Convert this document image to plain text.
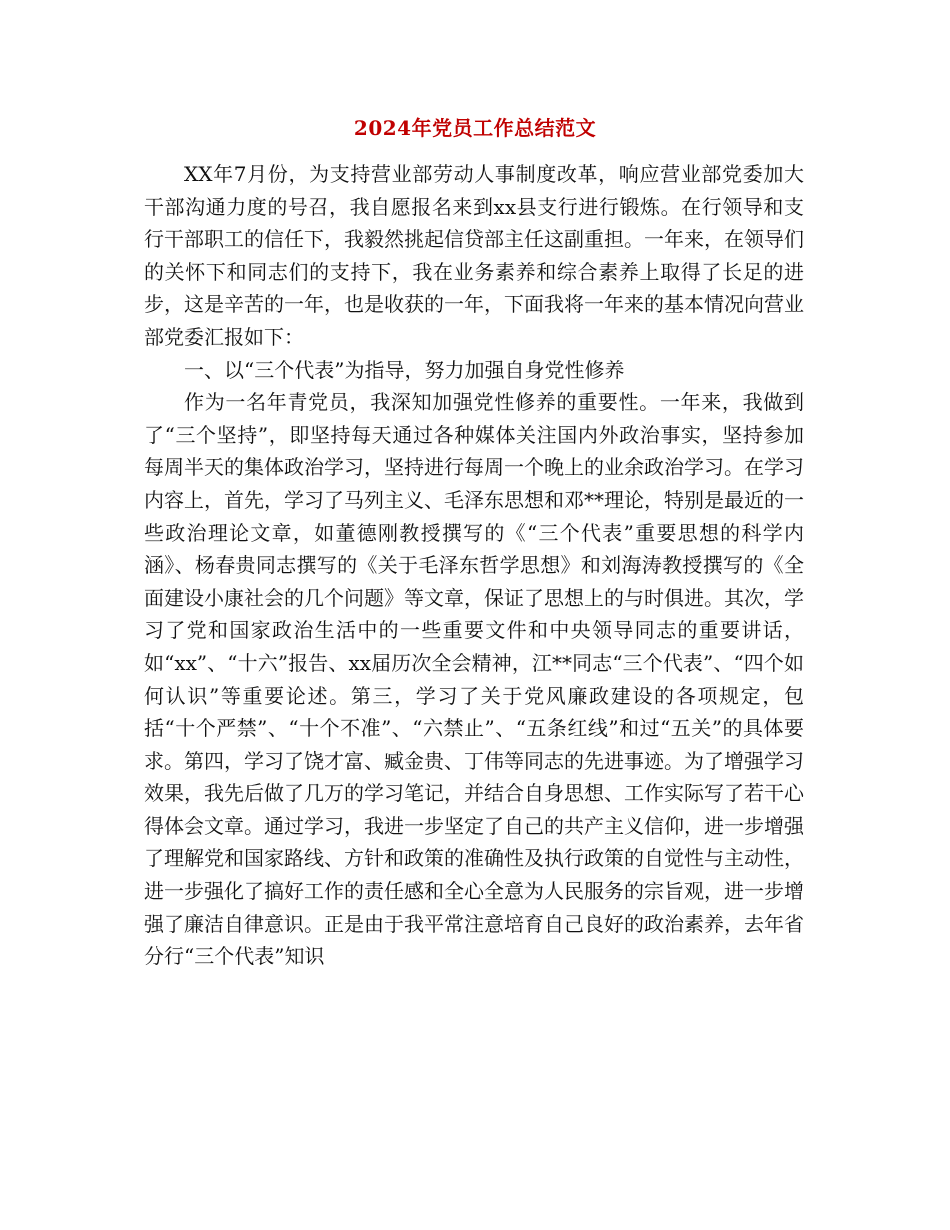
2024年党员工作总结范文

XX年7月份，为支持营业部劳动人事制度改革，响应营业部党委加大干部沟通力度的号召，我自愿报名来到xx县支行进行锻炼。在行领导和支行干部职工的信任下，我毅然挑起信贷部主任这副重担。一年来，在领导们的关怀下和同志们的支持下，我在业务素养和综合素养上取得了长足的进步，这是辛苦的一年，也是收获的一年，下面我将一年来的基本情况向营业部党委汇报如下：

一、以“三个代表”为指导，努力加强自身党性修养

作为一名年青党员，我深知加强党性修养的重要性。一年来，我做到了“三个坚持”，即坚持每天通过各种媒体关注国内外政治事实，坚持参加每周半天的集体政治学习，坚持进行每周一个晚上的业余政治学习。在学习内容上，首先，学习了马列主义、毛泽东思想和邓**理论，特别是最近的一些政治理论文章，如董德刚教授撰写的《“三个代表”重要思想的科学内涵》、杨春贵同志撰写的《关于毛泽东哲学思想》和刘海涛教授撰写的《全面建设小康社会的几个问题》等文章，保证了思想上的与时俱进。其次，学习了党和国家政治生活中的一些重要文件和中央领导同志的重要讲话，如“xx”、“十六”报告、xx届历次全会精神，江**同志“三个代表”、“四个如何认识”等重要论述。第三，学习了关于党风廉政建设的各项规定，包括“十个严禁”、“十个不准”、“六禁止”、“五条红线”和过“五关”的具体要求。第四，学习了饶才富、臧金贵、丁伟等同志的先进事迹。为了增强学习效果，我先后做了几万的学习笔记，并结合自身思想、工作实际写了若干心得体会文章。通过学习，我进一步坚定了自己的共产主义信仰，进一步增强了理解党和国家路线、方针和政策的准确性及执行政策的自觉性与主动性，进一步强化了搞好工作的责任感和全心全意为人民服务的宗旨观，进一步增强了廉洁自律意识。正是由于我平常注意培育自己良好的政治素养，去年省分行“三个代表”知识
